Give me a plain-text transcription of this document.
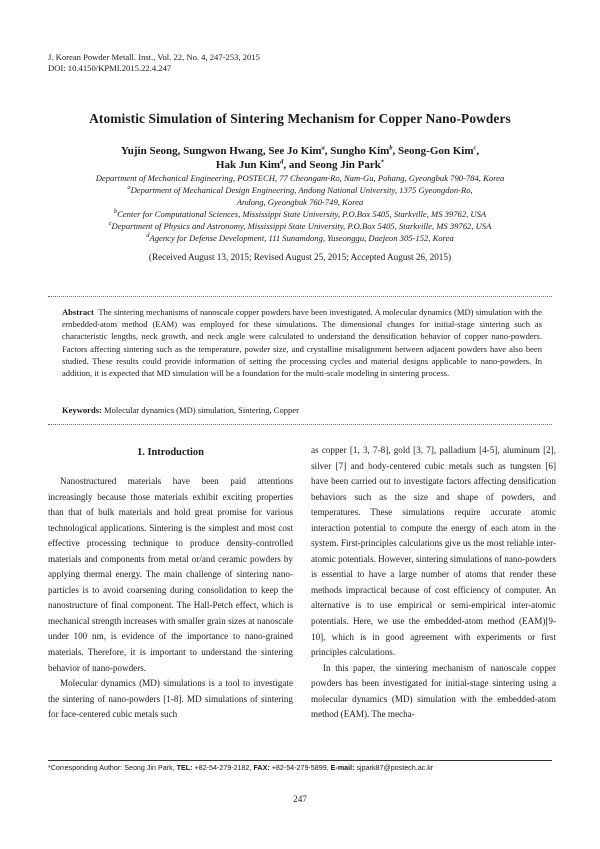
J. Korean Powder Metall. Inst., Vol. 22, No. 4, 247-253, 2015
DOI: 10.4150/KPMI.2015.22.4.247
Atomistic Simulation of Sintering Mechanism for Copper Nano-Powders
Yujin Seong, Sungwon Hwang, See Jo Kim$^a$, Sungho Kim$^b$, Seong-Gon Kim$^c$,
Hak Jun Kim$^d$, and Seong Jin Park*
Department of Mechanical Engineering, POSTECH, 77 Cheongam-Ro, Nam-Gu, Pohang, Gyeongbuk 790-784, Korea
$^a$Department of Mechanical Design Engineering, Andong National University, 1375 Gyeongdon-Ro,
Andong, Gyeongbuk 760-749, Korea
$^b$Center for Computational Sciences, Mississippi State University, P.O.Box 5405, Starkville, MS 39762, USA
$^c$Department of Physics and Astronomy, Mississippi State University, P.O.Box 5405, Starkville, MS 39762, USA
$^d$Agency for Defense Development, 111 Sunamdong, Yuseonggu, Daejeon 305-152, Korea
(Received August 13, 2015; Revised August 25, 2015; Accepted August 26, 2015)
Abstract The sintering mechanisms of nanoscale copper powders have been investigated. A molecular dynamics (MD) simulation with the embedded-atom method (EAM) was employed for these simulations. The dimensional changes for initial-stage sintering such as characteristic lengths, neck growth, and neck angle were calculated to understand the densification behavior of copper nano-powders. Factors affecting sintering such as the temperature, powder size, and crystalline misalignment between adjacent powders have also been studied. These results could provide information of setting the processing cycles and material designs applicable to nano-powders. In addition, it is expected that MD simulation will be a foundation for the multi-scale modeling in sintering process.
Keywords: Molecular dynamics (MD) simulation, Sintering, Copper
1. Introduction

Nanostructured materials have been paid attentions increasingly because those materials exhibit exciting properties than that of bulk materials and hold great promise for various technological applications. Sintering is the simplest and most cost effective processing technique to produce density-controlled materials and components from metal or/and ceramic powders by applying thermal energy. The main challenge of sintering nano-particles is to avoid coarsening during consolidation to keep the nanostructure of final component. The Hall-Petch effect, which is mechanical strength increases with smaller grain sizes at nanoscale under 100 nm, is evidence of the importance to nano-grained materials. Therefore, it is important to understand the sintering behavior of nano-powders.

Molecular dynamics (MD) simulations is a tool to investigate the sintering of nano-powders [1-8]. MD simulations of sintering for face-centered cubic metals such

as copper [1, 3, 7-8], gold [3, 7], palladium [4-5], aluminum [2], silver [7] and body-centered cubic metals such as tungsten [6] have been carried out to investigate factors affecting densification behaviors such as the size and shape of powders, and temperatures. These simulations require accurate atomic interaction potential to compute the energy of each atom in the system. First-principles calculations give us the most reliable inter-atomic potentials. However, sintering simulations of nano-powders is essential to have a large number of atoms that render these methods impractical because of cost efficiency of computer. An alternative is to use empirical or semi-empirical inter-atomic potentials. Here, we use the embedded-atom method (EAM)[9-10], which is in good agreement with experiments or first principles calculations.

In this paper, the sintering mechanism of nanoscale copper powders has been investigated for initial-stage sintering using a molecular dynamics (MD) simulation with the embedded-atom method (EAM). The mecha-

*Corresponding Author: Seong Jin Park, TEL: +82-54-279-2182, FAX: +82-54-279-5899, E-mail: sjpark87@postech.ac.kr
247
